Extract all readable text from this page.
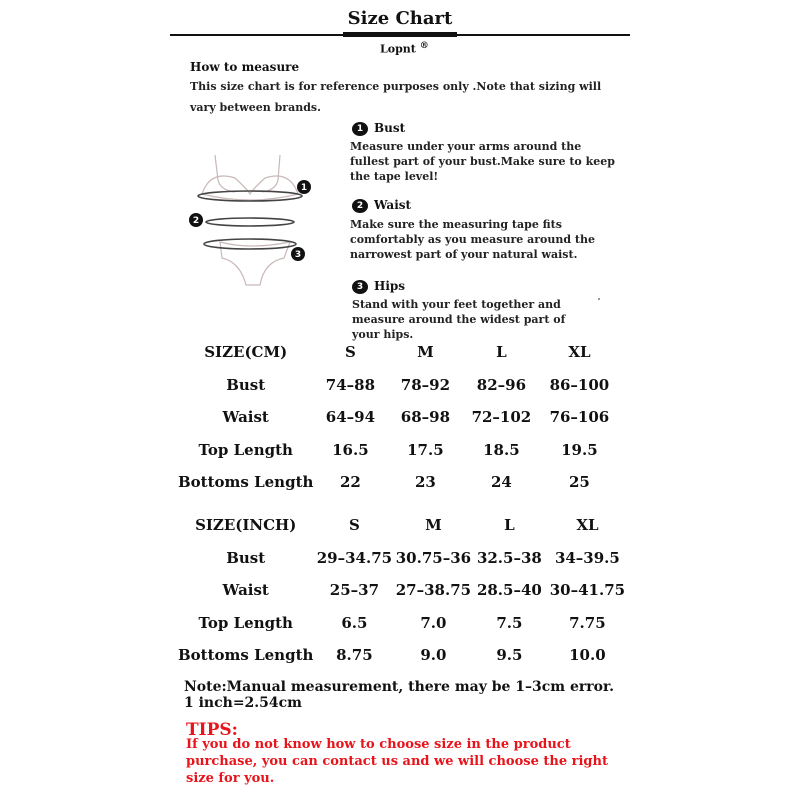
Size Chart
Lopnt ®
How to measure
This size chart is for reference purposes only .Note that sizing will vary between brands.
1
2
3
1 Bust
Measure under your arms around the fullest part of your bust.Make sure to keep the tape level!
2 Waist
Make sure the measuring tape fits comfortably as you measure around the narrowest part of your natural waist.
3 Hips
Stand with your feet together and measure around the widest part of your hips.
SIZE(CM)	S	M	L	XL
Bust	74–88	78–92	82–96	86–100
Waist	64–94	68–98	72–102	76–106
Top Length	16.5	17.5	18.5	19.5
Bottoms Length	22	23	24	25
SIZE(INCH)	S	M	L	XL
Bust	29–34.75	30.75–36	32.5–38	34–39.5
Waist	25–37	27–38.75	28.5–40	30–41.75
Top Length	6.5	7.0	7.5	7.75
Bottoms Length	8.75	9.0	9.5	10.0
Note:Manual measurement, there may be 1–3cm error.
1 inch=2.54cm
TIPS:
If you do not know how to choose size in the product purchase, you can contact us and we will choose the right size for you.
